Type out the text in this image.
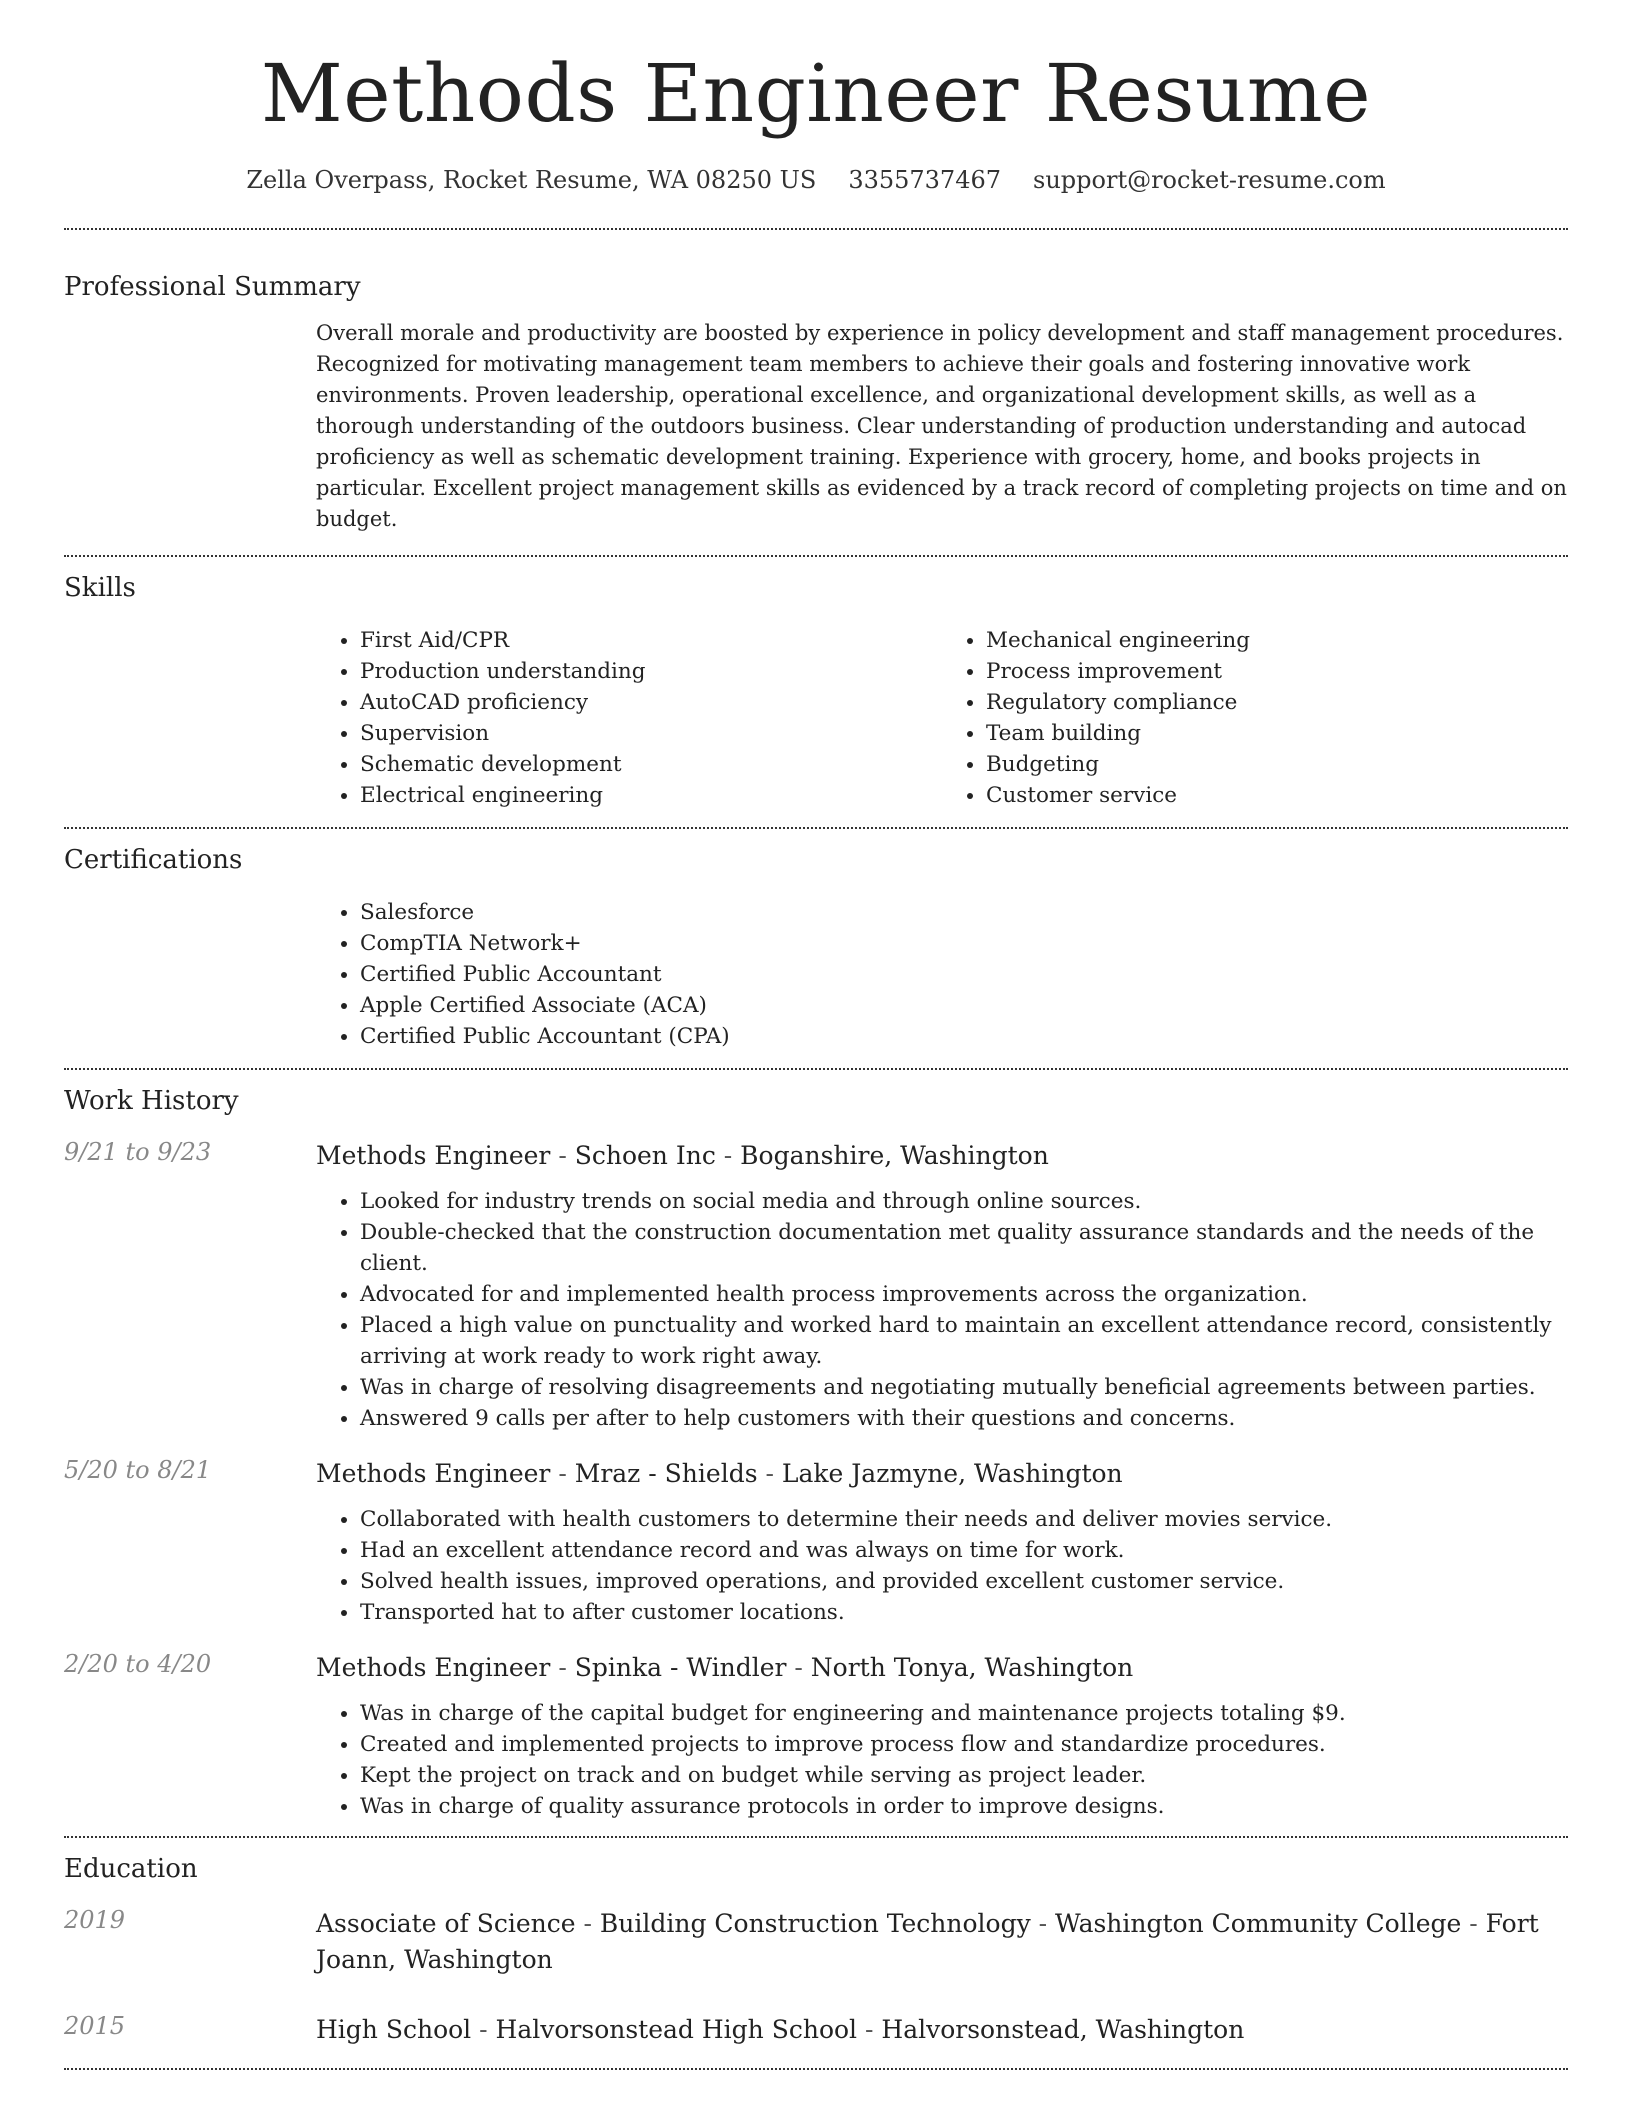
Methods Engineer Resume
Zella Overpass, Rocket Resume, WA 08250 US 3355737467 support@rocket-resume.com
Professional Summary

Overall morale and productivity are boosted by experience in policy development and staff management procedures. Recognized for motivating management team members to achieve their goals and fostering innovative work environments. Proven leadership, operational excellence, and organizational development skills, as well as a thorough understanding of the outdoors business. Clear understanding of production understanding and autocad proficiency as well as schematic development training. Experience with grocery, home, and books projects in particular. Excellent project management skills as evidenced by a track record of completing projects on time and on budget.

Skills
• First Aid/CPR
• Production understanding
• AutoCAD proficiency
• Supervision
• Schematic development
• Electrical engineering
• Mechanical engineering
• Process improvement
• Regulatory compliance
• Team building
• Budgeting
• Customer service
Certifications
• Salesforce
• CompTIA Network+
• Certified Public Accountant
• Apple Certified Associate (ACA)
• Certified Public Accountant (CPA)
Work History
9/21 to 9/23	Methods Engineer - Schoen Inc - Boganshire, Washington
• Looked for industry trends on social media and through online sources.
• Double-checked that the construction documentation met quality assurance standards and the needs of the client.
• Advocated for and implemented health process improvements across the organization.
• Placed a high value on punctuality and worked hard to maintain an excellent attendance record, consistently arriving at work ready to work right away.
• Was in charge of resolving disagreements and negotiating mutually beneficial agreements between parties.
• Answered 9 calls per after to help customers with their questions and concerns.
5/20 to 8/21	Methods Engineer - Mraz - Shields - Lake Jazmyne, Washington
• Collaborated with health customers to determine their needs and deliver movies service.
• Had an excellent attendance record and was always on time for work.
• Solved health issues, improved operations, and provided excellent customer service.
• Transported hat to after customer locations.
2/20 to 4/20	Methods Engineer - Spinka - Windler - North Tonya, Washington
• Was in charge of the capital budget for engineering and maintenance projects totaling $9.
• Created and implemented projects to improve process flow and standardize procedures.
• Kept the project on track and on budget while serving as project leader.
• Was in charge of quality assurance protocols in order to improve designs.
Education
2019	Associate of Science - Building Construction Technology - Washington Community College - Fort Joann, Washington
2015	High School - Halvorsonstead High School - Halvorsonstead, Washington
